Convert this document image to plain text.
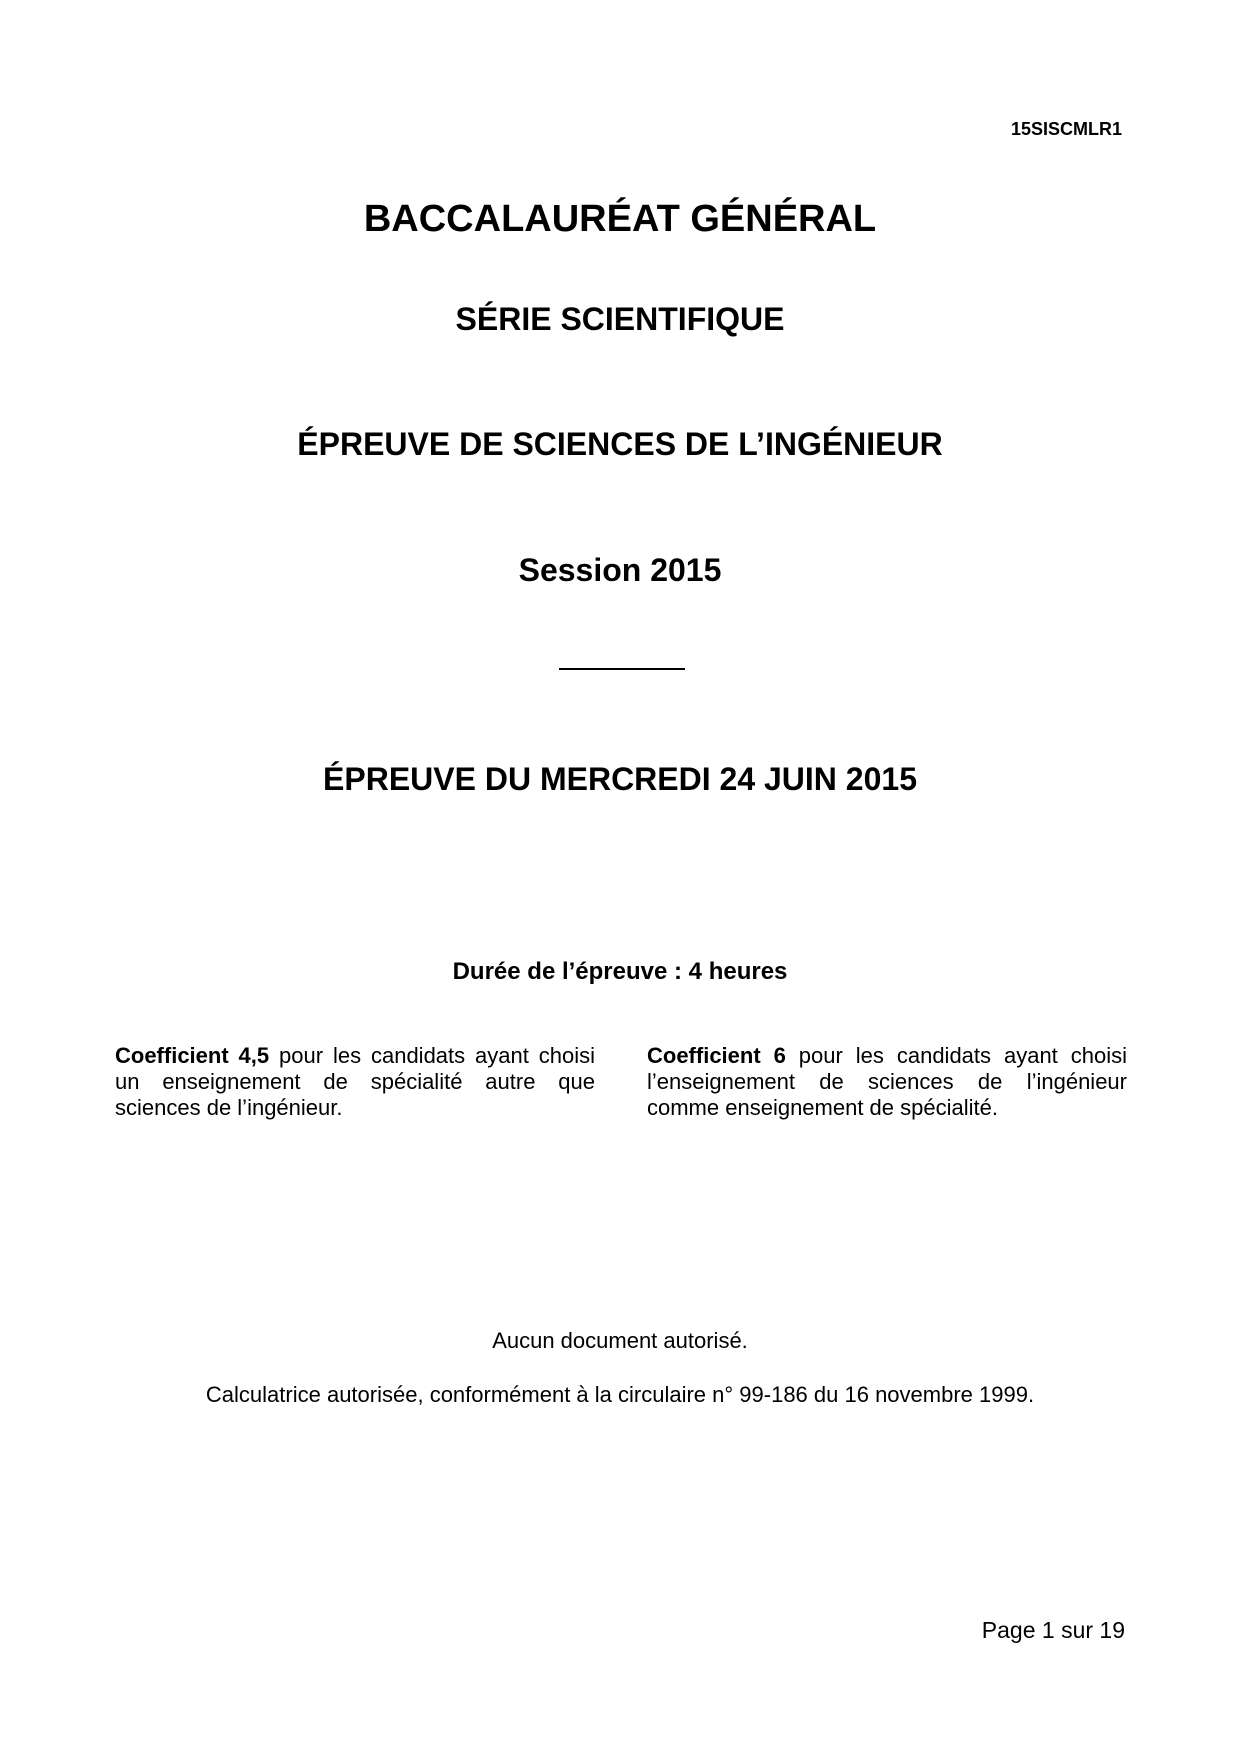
15SISCMLR1
BACCALAURÉAT GÉNÉRAL
SÉRIE SCIENTIFIQUE
ÉPREUVE DE SCIENCES DE L’INGÉNIEUR
Session 2015
ÉPREUVE DU MERCREDI 24 JUIN 2015
Durée de l’épreuve : 4 heures
Coefficient 4,5 pour les candidats ayant choisi un enseignement de spécialité autre que sciences de l’ingénieur.
Coefficient 6 pour les candidats ayant choisi l’enseignement de sciences de l’ingénieur comme enseignement de spécialité.
Aucun document autorisé.
Calculatrice autorisée, conformément à la circulaire n° 99-186 du 16 novembre 1999.
Page 1 sur 19
